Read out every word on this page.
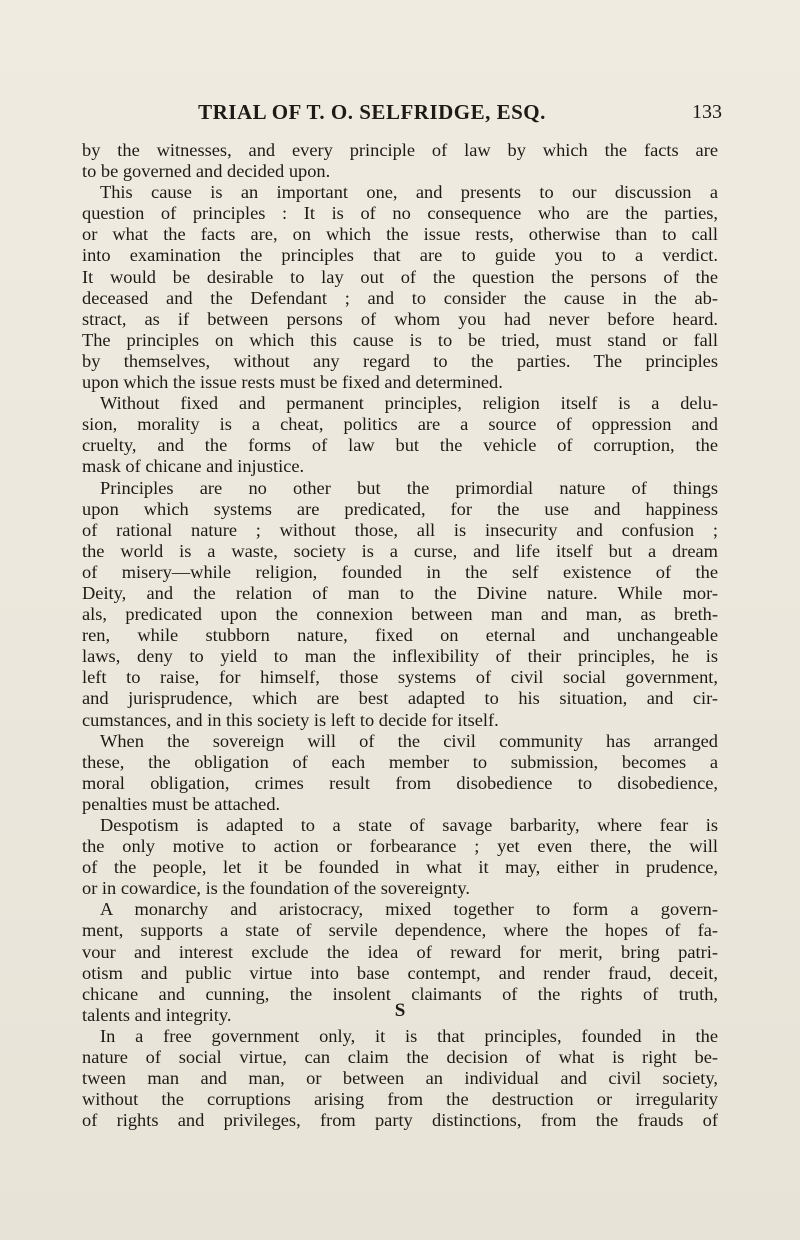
TRIAL OF T. O. SELFRIDGE, ESQ.	133
by the witnesses, and every principle of law by which the facts are
to be governed and decided upon.
This cause is an important one, and presents to our discussion a
question of principles : It is of no consequence who are the parties,
or what the facts are, on which the issue rests, otherwise than to call
into examination the principles that are to guide you to a verdict.
It would be desirable to lay out of the question the persons of the
deceased and the Defendant ; and to consider the cause in the ab-
stract, as if between persons of whom you had never before heard.
The principles on which this cause is to be tried, must stand or fall
by themselves, without any regard to the parties. The principles
upon which the issue rests must be fixed and determined.
Without fixed and permanent principles, religion itself is a delu-
sion, morality is a cheat, politics are a source of oppression and
cruelty, and the forms of law but the vehicle of corruption, the
mask of chicane and injustice.
Principles are no other but the primordial nature of things
upon which systems are predicated, for the use and happiness
of rational nature ; without those, all is insecurity and confusion ;
the world is a waste, society is a curse, and life itself but a dream
of misery—while religion, founded in the self existence of the
Deity, and the relation of man to the Divine nature. While mor-
als, predicated upon the connexion between man and man, as breth-
ren, while stubborn nature, fixed on eternal and unchangeable
laws, deny to yield to man the inflexibility of their principles, he is
left to raise, for himself, those systems of civil social government,
and jurisprudence, which are best adapted to his situation, and cir-
cumstances, and in this society is left to decide for itself.
When the sovereign will of the civil community has arranged
these, the obligation of each member to submission, becomes a
moral obligation, crimes result from disobedience to disobedience,
penalties must be attached.
Despotism is adapted to a state of savage barbarity, where fear is
the only motive to action or forbearance ; yet even there, the will
of the people, let it be founded in what it may, either in prudence,
or in cowardice, is the foundation of the sovereignty.
A monarchy and aristocracy, mixed together to form a govern-
ment, supports a state of servile dependence, where the hopes of fa-
vour and interest exclude the idea of reward for merit, bring patri-
otism and public virtue into base contempt, and render fraud, deceit,
chicane and cunning, the insolent claimants of the rights of truth,
talents and integrity.
In a free government only, it is that principles, founded in the
nature of social virtue, can claim the decision of what is right be-
tween man and man, or between an individual and civil society,
without the corruptions arising from the destruction or irregularity
of rights and privileges, from party distinctions, from the frauds of
S
